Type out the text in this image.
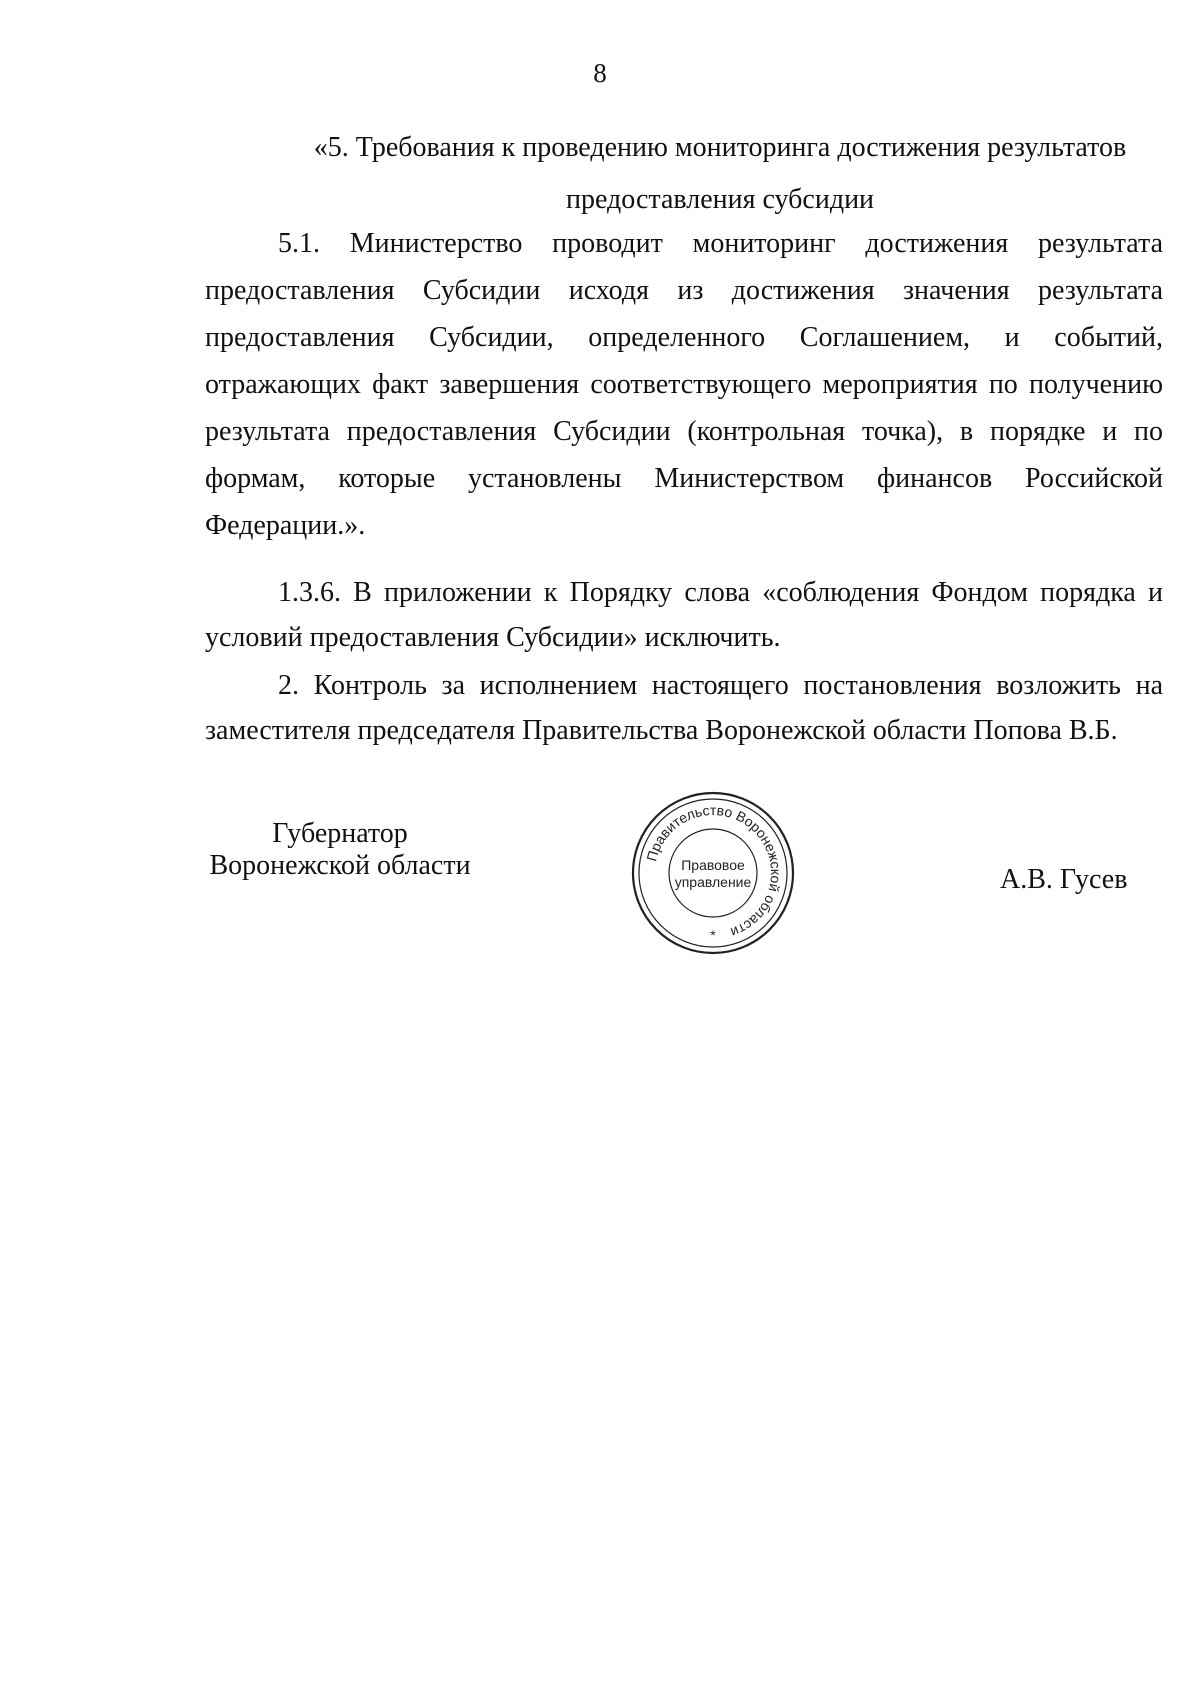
8
«5. Требования к проведению мониторинга достижения результатов
предоставления субсидии

5.1. Министерство проводит мониторинг достижения результата предоставления Субсидии исходя из достижения значения результата предоставления Субсидии, определенного Соглашением, и событий, отражающих факт завершения соответствующего мероприятия по получению результата предоставления Субсидии (контрольная точка), в порядке и по формам, которые установлены Министерством финансов Российской Федерации.».

1.3.6. В приложении к Порядку слова «соблюдения Фондом порядка и условий предоставления Субсидии» исключить.

2. Контроль за исполнением настоящего постановления возложить на заместителя председателя Правительства Воронежской области Попова В.Б.

Губернатор
Воронежской области	Правительство Воронежской области
Правовое
управление
*
А.В. Гусев
